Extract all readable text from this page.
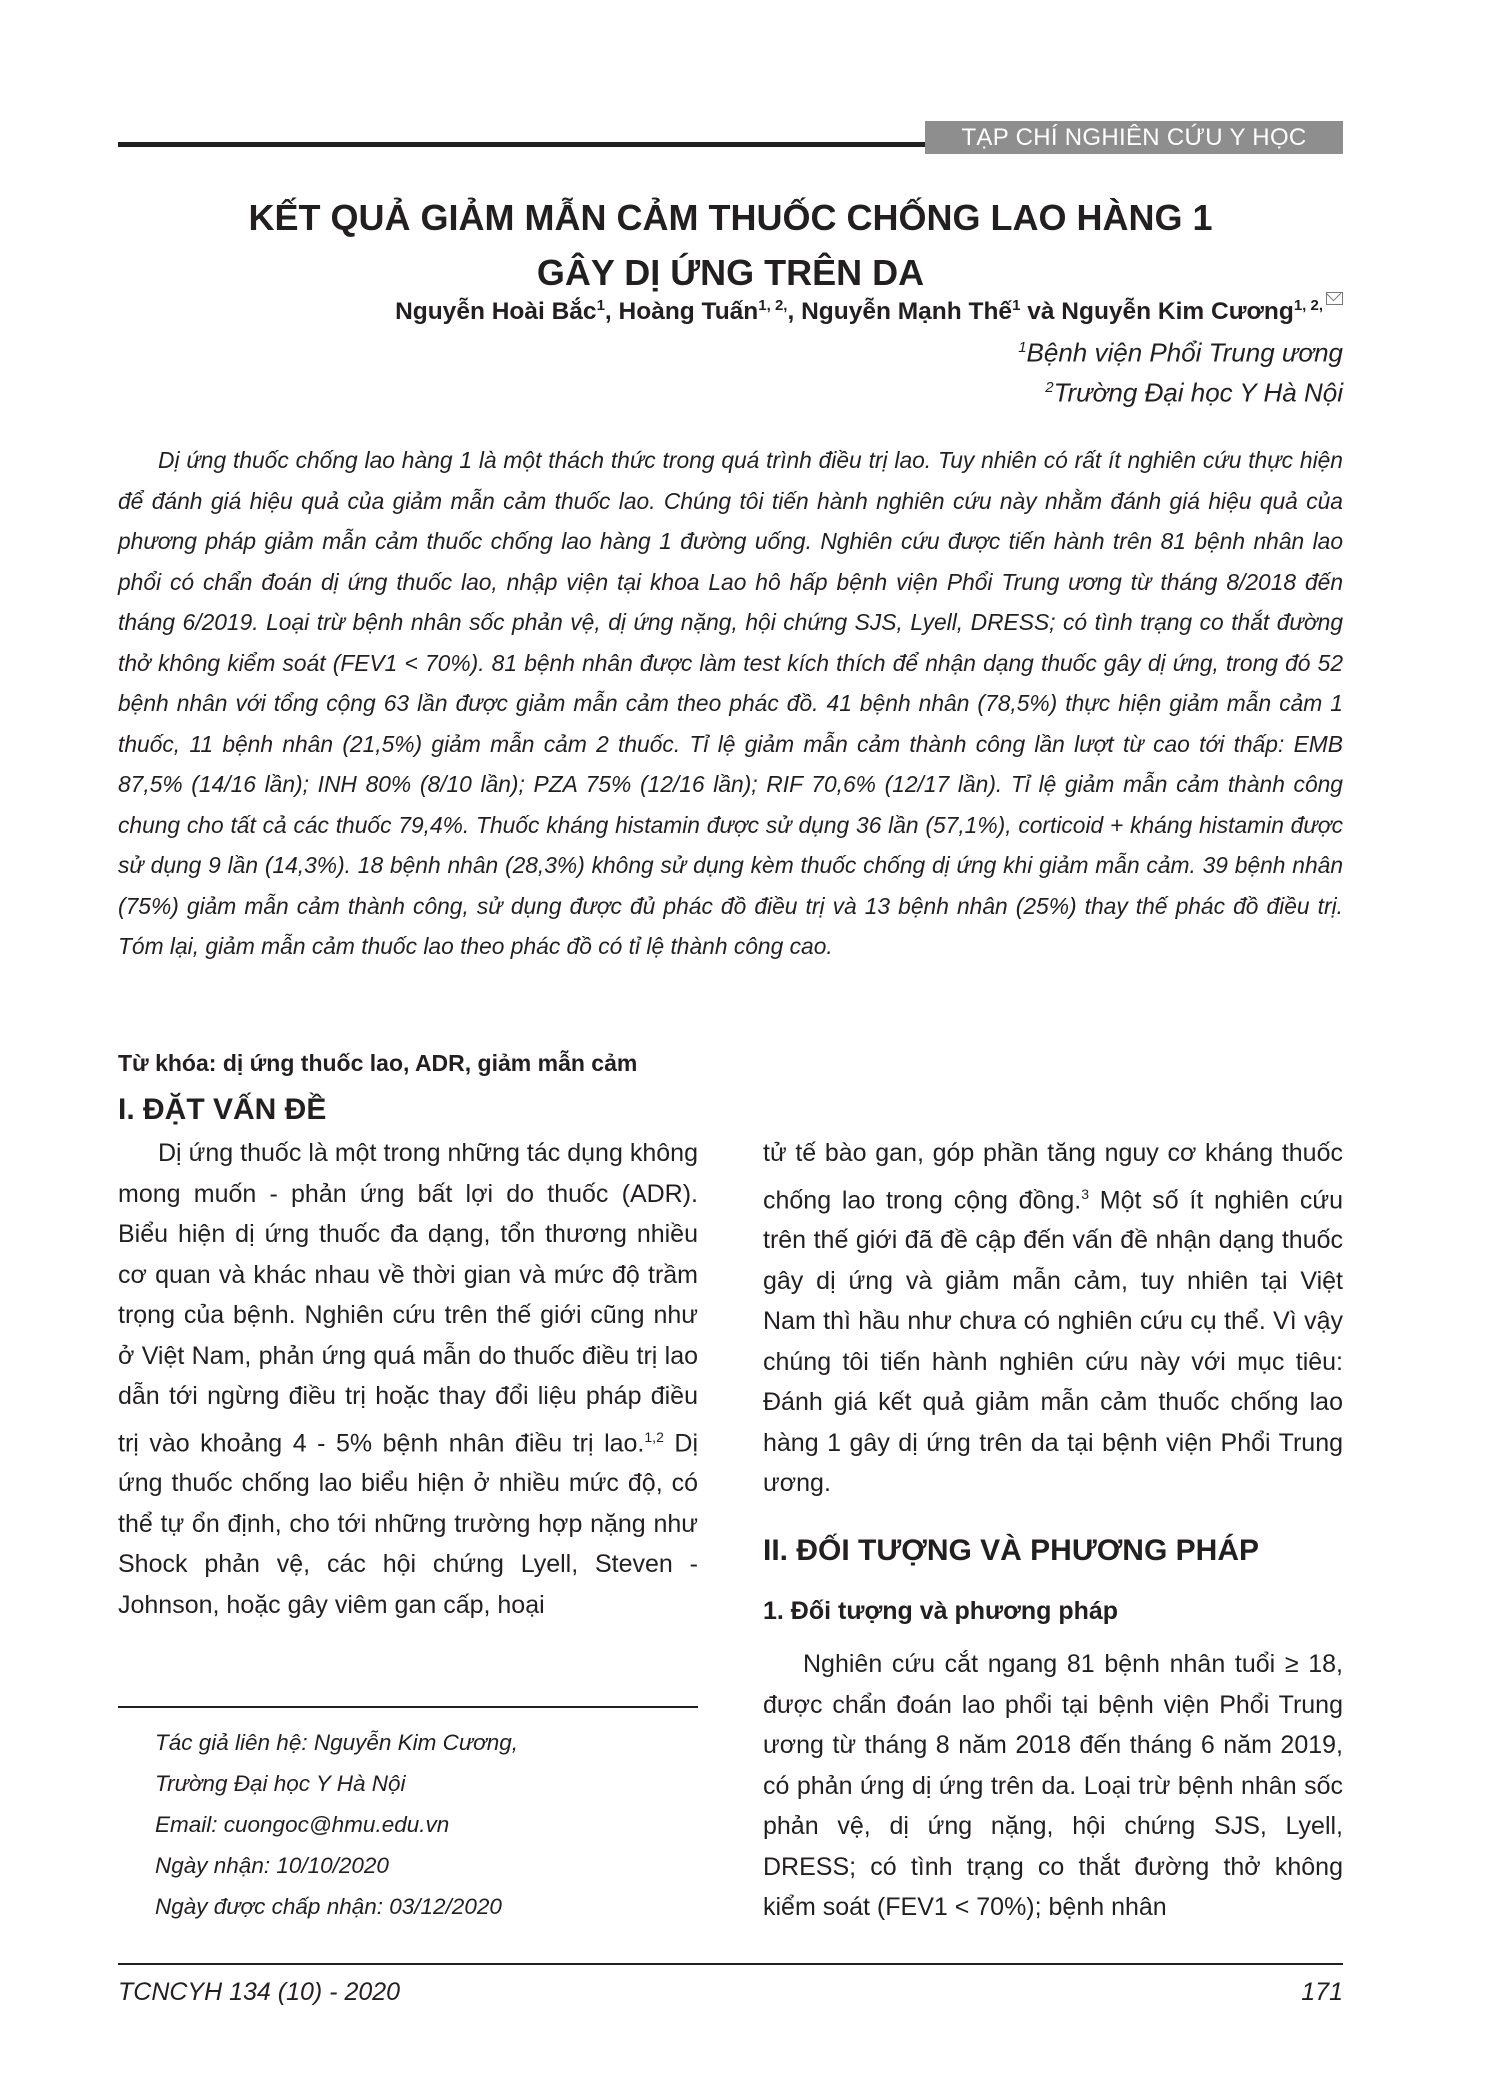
TẠP CHÍ NGHIÊN CỨU Y HỌC
KẾT QUẢ GIẢM MẪN CẢM THUỐC CHỐNG LAO HÀNG 1
GÂY DỊ ỨNG TRÊN DA
Nguyễn Hoài Bắc$^1$, Hoàng Tuấn$^{1, 2,}$, Nguyễn Mạnh Thế$^1$ và Nguyễn Kim Cương$^{1, 2,}$
$^1$Bệnh viện Phổi Trung ương
$^2$Trường Đại học Y Hà Nội
Dị ứng thuốc chống lao hàng 1 là một thách thức trong quá trình điều trị lao. Tuy nhiên có rất ít nghiên cứu thực hiện để đánh giá hiệu quả của giảm mẫn cảm thuốc lao. Chúng tôi tiến hành nghiên cứu này nhằm đánh giá hiệu quả của phương pháp giảm mẫn cảm thuốc chống lao hàng 1 đường uống. Nghiên cứu được tiến hành trên 81 bệnh nhân lao phổi có chẩn đoán dị ứng thuốc lao, nhập viện tại khoa Lao hô hấp bệnh viện Phổi Trung ương từ tháng 8/2018 đến tháng 6/2019. Loại trừ bệnh nhân sốc phản vệ, dị ứng nặng, hội chứng SJS, Lyell, DRESS; có tình trạng co thắt đường thở không kiểm soát (FEV1 < 70%). 81 bệnh nhân được làm test kích thích để nhận dạng thuốc gây dị ứng, trong đó 52 bệnh nhân với tổng cộng 63 lần được giảm mẫn cảm theo phác đồ. 41 bệnh nhân (78,5%) thực hiện giảm mẫn cảm 1 thuốc, 11 bệnh nhân (21,5%) giảm mẫn cảm 2 thuốc. Tỉ lệ giảm mẫn cảm thành công lần lượt từ cao tới thấp: EMB 87,5% (14/16 lần); INH 80% (8/10 lần); PZA 75% (12/16 lần); RIF 70,6% (12/17 lần). Tỉ lệ giảm mẫn cảm thành công chung cho tất cả các thuốc 79,4%. Thuốc kháng histamin được sử dụng 36 lần (57,1%), corticoid + kháng histamin được sử dụng 9 lần (14,3%). 18 bệnh nhân (28,3%) không sử dụng kèm thuốc chống dị ứng khi giảm mẫn cảm. 39 bệnh nhân (75%) giảm mẫn cảm thành công, sử dụng được đủ phác đồ điều trị và 13 bệnh nhân (25%) thay thế phác đồ điều trị. Tóm lại, giảm mẫn cảm thuốc lao theo phác đồ có tỉ lệ thành công cao.
Từ khóa: dị ứng thuốc lao, ADR, giảm mẫn cảm
I. ĐẶT VẤN ĐỀ
Dị ứng thuốc là một trong những tác dụng không mong muốn - phản ứng bất lợi do thuốc (ADR). Biểu hiện dị ứng thuốc đa dạng, tổn thương nhiều cơ quan và khác nhau về thời gian và mức độ trầm trọng của bệnh. Nghiên cứu trên thế giới cũng như ở Việt Nam, phản ứng quá mẫn do thuốc điều trị lao dẫn tới ngừng điều trị hoặc thay đổi liệu pháp điều trị vào khoảng 4 - 5% bệnh nhân điều trị lao.$^{1,2}$ Dị ứng thuốc chống lao biểu hiện ở nhiều mức độ, có thể tự ổn định, cho tới những trường hợp nặng như Shock phản vệ, các hội chứng Lyell, Steven - Johnson, hoặc gây viêm gan cấp, hoại
Tác giả liên hệ: Nguyễn Kim Cương,
Trường Đại học Y Hà Nội
Email: cuongoc@hmu.edu.vn
Ngày nhận: 10/10/2020
Ngày được chấp nhận: 03/12/2020
tử tế bào gan, góp phần tăng nguy cơ kháng thuốc chống lao trong cộng đồng.$^3$ Một số ít nghiên cứu trên thế giới đã đề cập đến vấn đề nhận dạng thuốc gây dị ứng và giảm mẫn cảm, tuy nhiên tại Việt Nam thì hầu như chưa có nghiên cứu cụ thể. Vì vậy chúng tôi tiến hành nghiên cứu này với mục tiêu: Đánh giá kết quả giảm mẫn cảm thuốc chống lao hàng 1 gây dị ứng trên da tại bệnh viện Phổi Trung ương.
II. ĐỐI TƯỢNG VÀ PHƯƠNG PHÁP
1. Đối tượng và phương pháp
Nghiên cứu cắt ngang 81 bệnh nhân tuổi ≥ 18, được chẩn đoán lao phổi tại bệnh viện Phổi Trung ương từ tháng 8 năm 2018 đến tháng 6 năm 2019, có phản ứng dị ứng trên da. Loại trừ bệnh nhân sốc phản vệ, dị ứng nặng, hội chứng SJS, Lyell, DRESS; có tình trạng co thắt đường thở không kiểm soát (FEV1 < 70%); bệnh nhân
TCNCYH 134 (10) - 2020	171
